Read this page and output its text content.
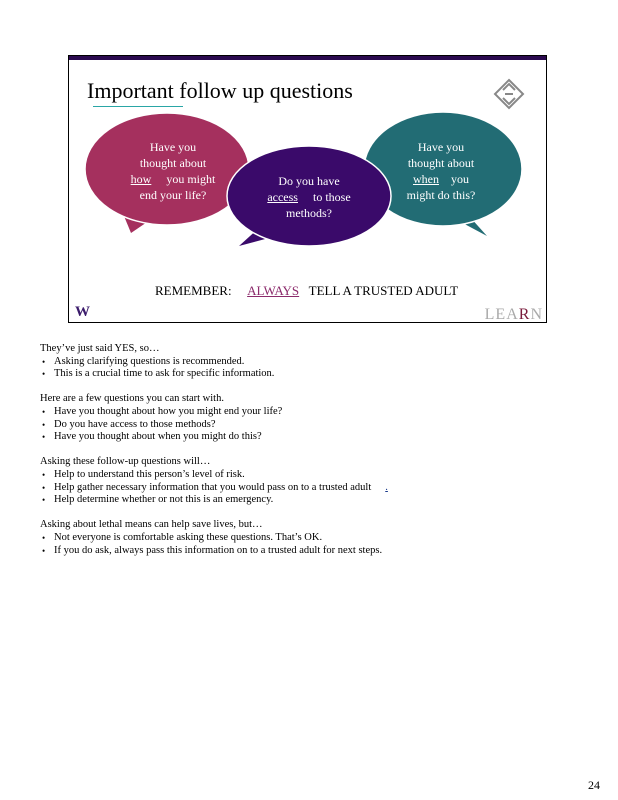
Important follow up questions
Have you
thought about
how you might
end your life?
Do you have
access to those
methods?
Have you
thought about
when you
might do this?
REMEMBER: ALWAYS TELL A TRUSTED ADULT
W	LEARN

They’ve just said YES, so…

• Asking clarifying questions is recommended.
• This is a crucial time to ask for specific information.

Here are a few questions you can start with.

• Have you thought about how you might end your life?
• Do you have access to those methods?
• Have you thought about when you might do this?

Asking these follow-up questions will…

• Help to understand this person’s level of risk.
• Help gather necessary information that you would pass on to a trusted adult .
• Help determine whether or not this is an emergency.

Asking about lethal means can help save lives, but…

• Not everyone is comfortable asking these questions. That’s OK.
• If you do ask, always pass this information on to a trusted adult for next steps.
24
